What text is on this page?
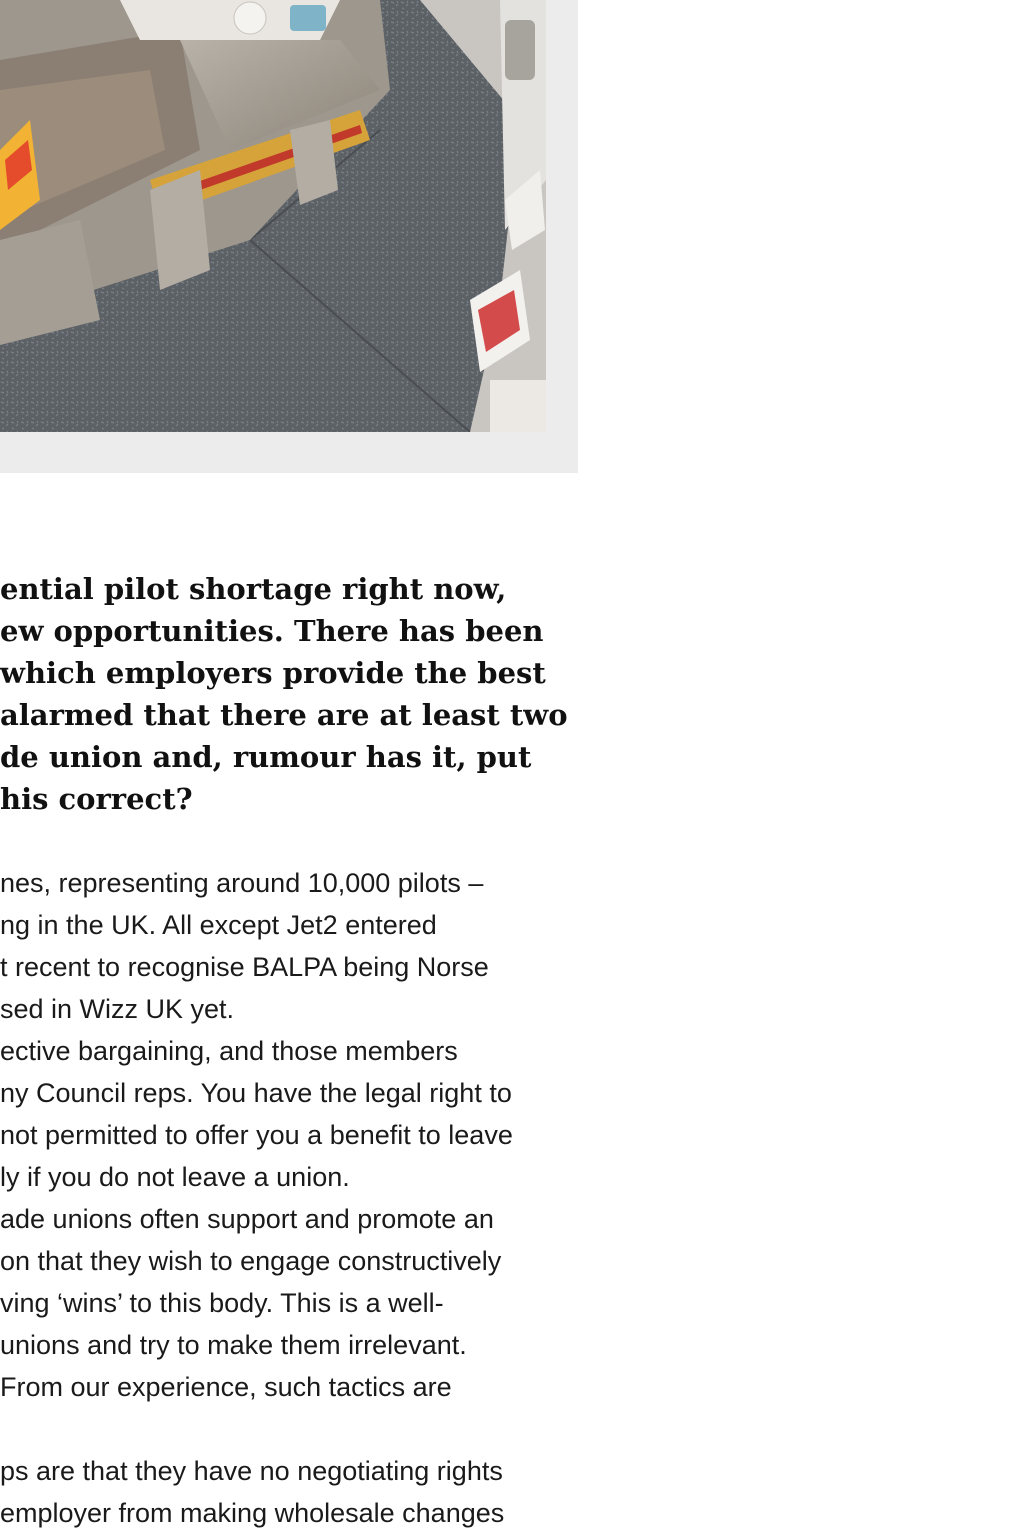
ential pilot shortage right now,
ew opportunities. There has been
which employers provide the best
alarmed that there are at least two
de union and, rumour has it, put
his correct?
nes, representing around 10,000 pilots –
ng in the UK. All except Jet2 entered
t recent to recognise BALPA being Norse
sed in Wizz UK yet.
ective bargaining, and those members
ny Council reps. You have the legal right to
not permitted to offer you a benefit to leave
ly if you do not leave a union.
ade unions often support and promote an
on that they wish to engage constructively
ving ‘wins’ to this body. This is a well-
unions and try to make them irrelevant.
From our experience, such tactics are
ps are that they have no negotiating rights
employer from making wholesale changes
